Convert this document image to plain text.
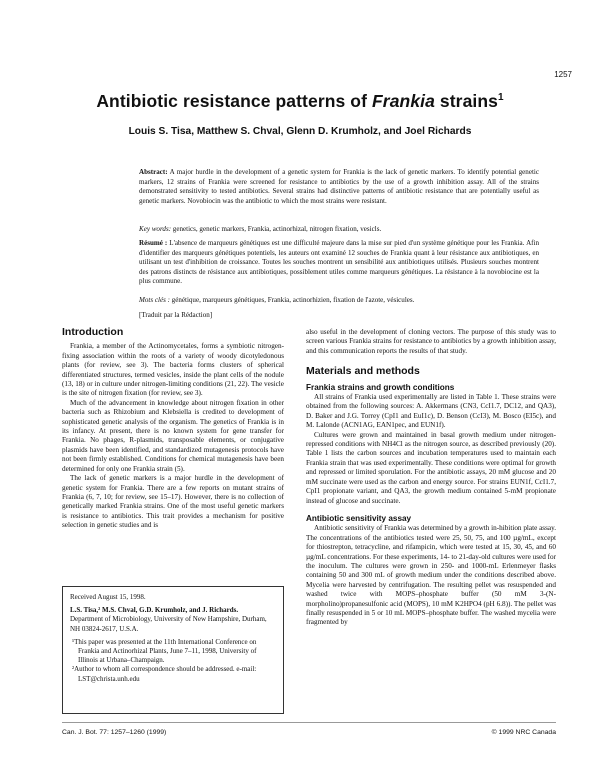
1257
Antibiotic resistance patterns of Frankia strains$^1$
Louis S. Tisa, Matthew S. Chval, Glenn D. Krumholz, and Joel Richards
Abstract: A major hurdle in the development of a genetic system for Frankia is the lack of genetic markers. To identify potential genetic markers, 12 strains of Frankia were screened for resistance to antibiotics by the use of a growth inhibition assay. All of the strains demonstrated sensitivity to tested antibiotics. Several strains had distinctive patterns of antibiotic resistance that are potentially useful as genetic markers. Novobiocin was the antibiotic to which the most strains were resistant.
Key words: genetics, genetic markers, Frankia, actinorhizal, nitrogen fixation, vesicls.
Résumé : L'absence de marqueurs génétiques est une difficulté majeure dans la mise sur pied d'un système génétique pour les Frankia. Afin d'identifier des marqueurs génétiques potentiels, les auteurs ont examiné 12 souches de Frankia quant à leur résistance aux antibiotiques, en utilisant un test d'inhibition de croissance. Toutes les souches montrent un sensibilité aux antibiotiques utilisés. Plusieurs souches montrent des patrons distincts de résistance aux antibiotiques, possiblement utiles comme marqueurs génétiques. La résistance à la novobiocine est la plus commune.
Mots clés : génétique, marqueurs génétiques, Frankia, actinorhizien, fixation de l'azote, vésicules.
[Traduit par la Rédaction]
Introduction

Frankia, a member of the Actinomycetales, forms a symbiotic nitrogen-fixing association within the roots of a variety of woody dicotyledonous plants (for review, see 3). The bacteria forms clusters of spherical differentiated structures, termed vesicles, inside the plant cells of the nodule (13, 18) or in culture under nitrogen-limiting conditions (21, 22). The vesicle is the site of nitrogen fixation (for review, see 3).

Much of the advancement in knowledge about nitrogen fixation in other bacteria such as Rhizobium and Klebsiella is credited to development of sophisticated genetic analysis of the organism. The genetics of Frankia is in its infancy. At present, there is no known system for gene transfer for Frankia. No phages, R-plasmids, transposable elements, or conjugative plasmids have been identified, and standardized mutagenesis protocols have not been firmly established. Conditions for chemical mutagenesis have been determined for only one Frankia strain (5).

The lack of genetic markers is a major hurdle in the development of genetic system for Frankia. There are a few reports on mutant strains of Frankia (6, 7, 10; for review, see 15–17). However, there is no collection of genetically marked Frankia strains. One of the most useful genetic markers is resistance to antibiotics. This trait provides a mechanism for positive selection in genetic studies and is

Received August 15, 1998.

L.S. Tisa,² M.S. Chval, G.D. Krumholz, and J. Richards.

Department of Microbiology, University of New Hampshire, Durham, NH 03824-2617, U.S.A.

¹This paper was presented at the 11th International Conference on Frankia and Actinorhizal Plants, June 7–11, 1998, University of Illinois at Urbana–Champaign.

²Author to whom all correspondence should be addressed. e-mail: LST@christa.unh.edu

also useful in the development of cloning vectors. The purpose of this study was to screen various Frankia strains for resistance to antibiotics by a growth inhibition assay, and this communication reports the results of that study.

Materials and methods
Frankia strains and growth conditions

All strains of Frankia used experimentally are listed in Table 1. These strains were obtained from the following sources: A. Akkermans (CN3, CcI1.7, DC12, and QA3), D. Baker and J.G. Torrey (CpI1 and EuI1c), D. Benson (CcI3), M. Bosco (EI5c), and M. Lalonde (ACN1AG, EAN1pec, and EUN1f).

Cultures were grown and maintained in basal growth medium under nitrogen-repressed conditions with NH4Cl as the nitrogen source, as described previously (20). Table 1 lists the carbon sources and incubation temperatures used to maintain each Frankia strain that was used experimentally. These conditions were optimal for growth and repressed or limited sporulation. For the antibiotic assays, 20 mM glucose and 20 mM succinate were used as the carbon and energy source. For strains EUN1f, CcI1.7, CpI1 propionate variant, and QA3, the growth medium contained 5-mM propionate instead of glucose and succinate.

Antibiotic sensitivity assay

Antibiotic sensitivity of Frankia was determined by a growth in-hibition plate assay. The concentrations of the antibiotics tested were 25, 50, 75, and 100 µg/mL, except for thiostrepton, tetracycline, and rifampicin, which were tested at 15, 30, 45, and 60 µg/mL concentrations. For these experiments, 14- to 21-day-old cultures were used for the inoculum. The cultures were grown in 250- and 1000-mL Erlenmeyer flasks containing 50 and 300 mL of growth medium under the conditions described above. Mycelia were harvested by centrifugation. The resulting pellet was resuspended and washed twice with MOPS–phosphate buffer (50 mM 3-(N-morpholino)propanesulfonic acid (MOPS), 10 mM K2HPO4 (pH 6.8)). The pellet was finally resuspended in 5 or 10 mL MOPS–phosphate buffer. The washed mycelia were fragmented by

Can. J. Bot. 77: 1257–1260 (1999)	© 1999 NRC Canada
